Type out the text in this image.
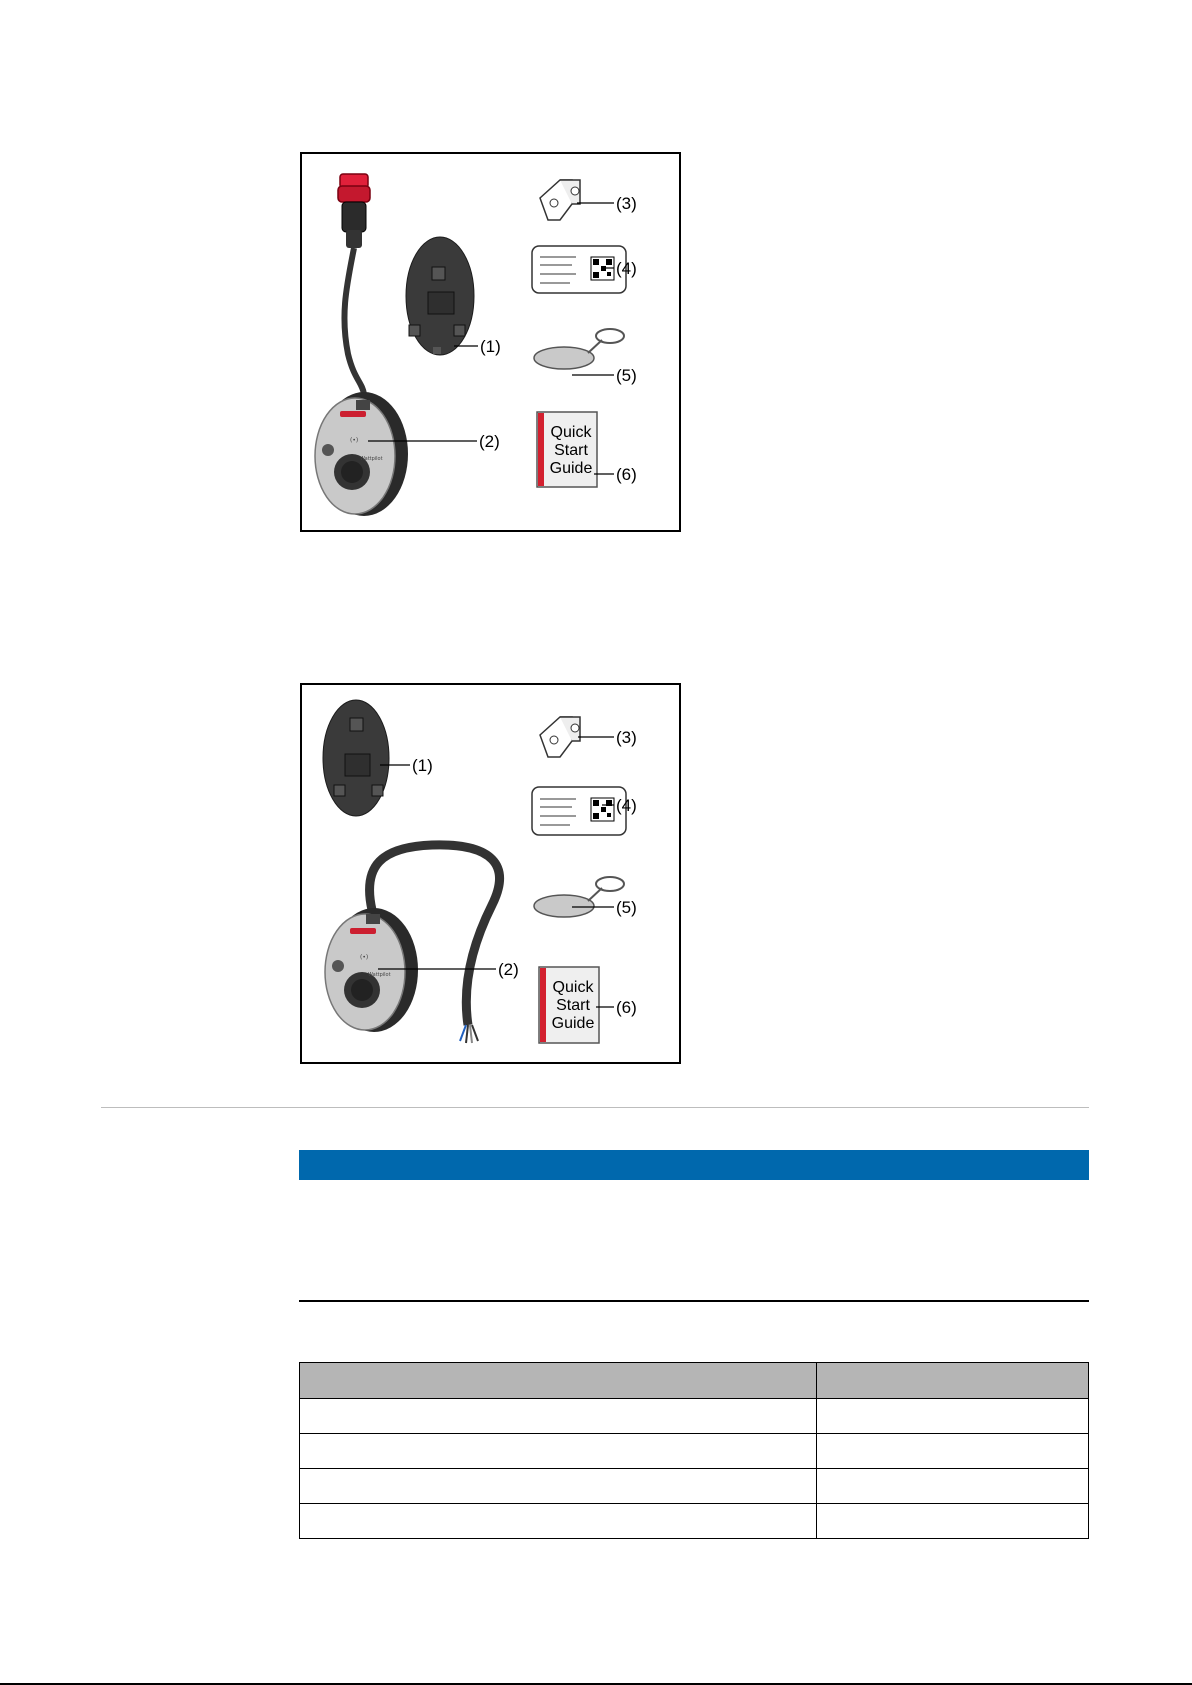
(•)
Wattpilot
Quick
Start
Guide
(3)
(4)
(1)
(5)
(2)
(6)
(•)
Wattpilot
Quick
Start
Guide
(3)
(1)
(4)
(5)
(2)
(6)
